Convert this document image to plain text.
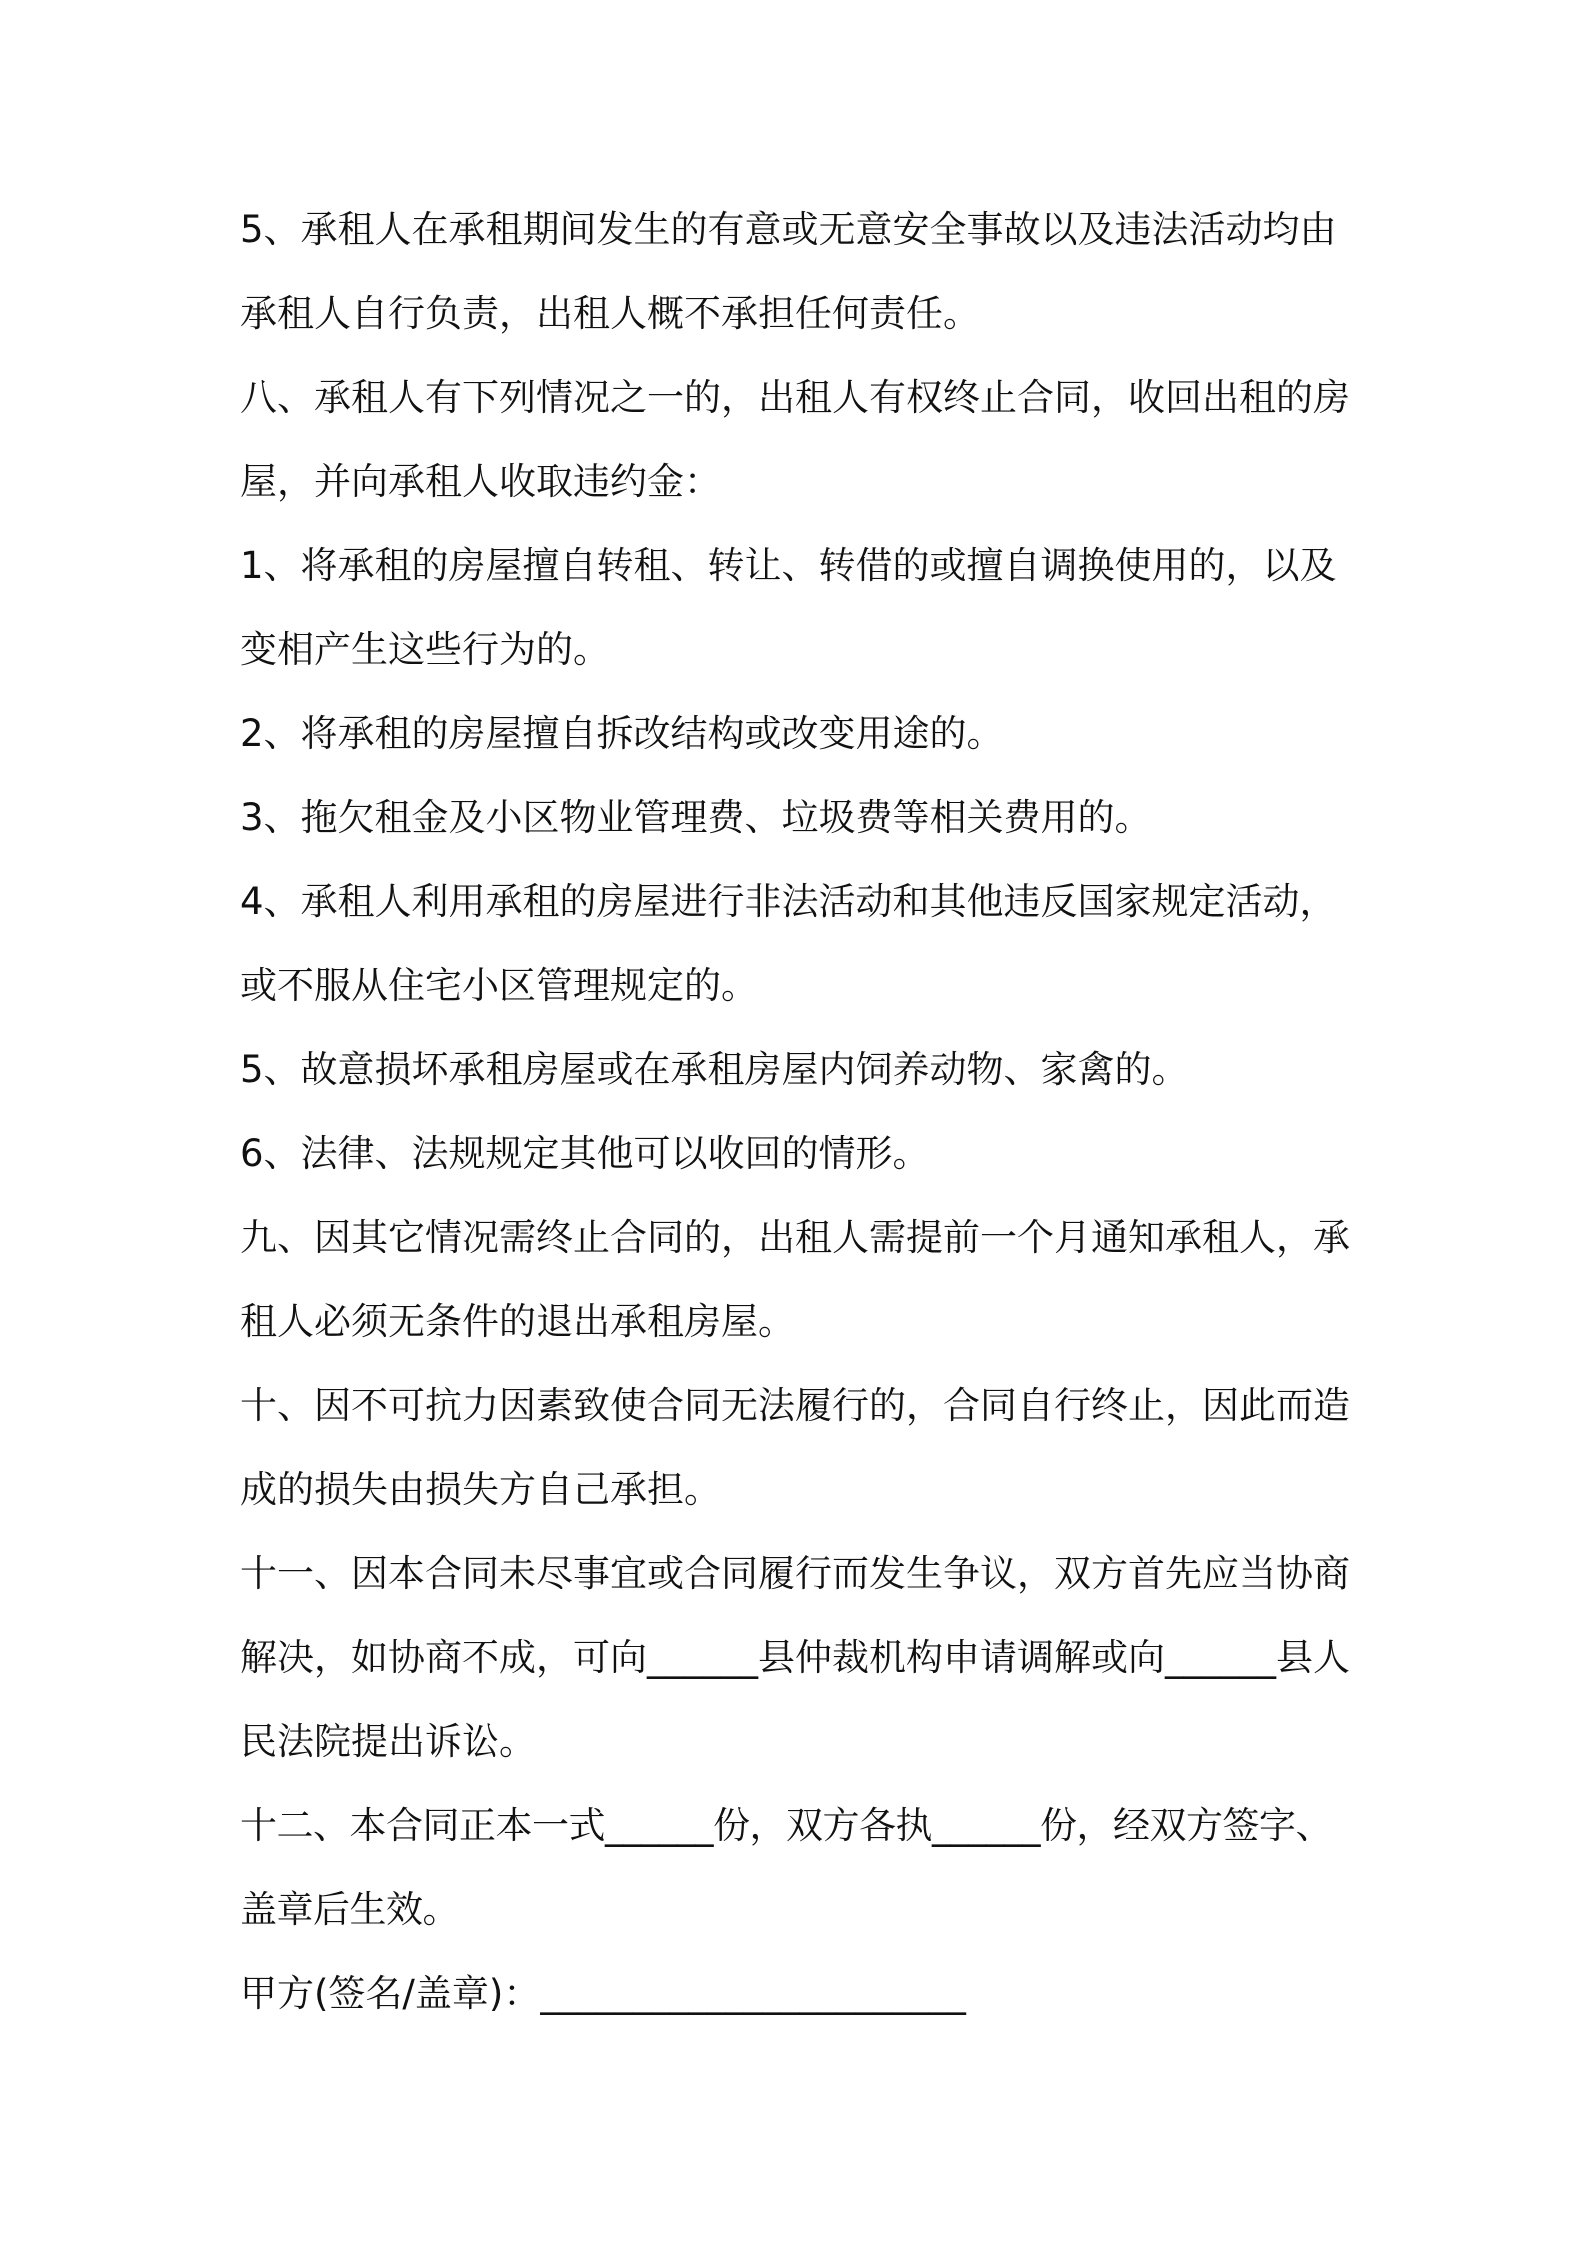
5、承租人在承租期间发生的有意或无意安全事故以及违法活动均由承租人自行负责，出租人概不承担任何责任。

八、承租人有下列情况之一的，出租人有权终止合同，收回出租的房屋，并向承租人收取违约金：

1、将承租的房屋擅自转租、转让、转借的或擅自调换使用的，以及变相产生这些行为的。

2、将承租的房屋擅自拆改结构或改变用途的。

3、拖欠租金及小区物业管理费、垃圾费等相关费用的。

4、承租人利用承租的房屋进行非法活动和其他违反国家规定活动，或不服从住宅小区管理规定的。

5、故意损坏承租房屋或在承租房屋内饲养动物、家禽的。

6、法律、法规规定其他可以收回的情形。

九、因其它情况需终止合同的，出租人需提前一个月通知承租人，承租人必须无条件的退出承租房屋。

十、因不可抗力因素致使合同无法履行的，合同自行终止，因此而造成的损失由损失方自己承担。

十一、因本合同未尽事宜或合同履行而发生争议，双方首先应当协商解决，如协商不成，可向______县仲裁机构申请调解或向______县人民法院提出诉讼。

十二、本合同正本一式______份，双方各执______份，经双方签字、盖章后生效。

甲方(签名/盖章)：_______________________
